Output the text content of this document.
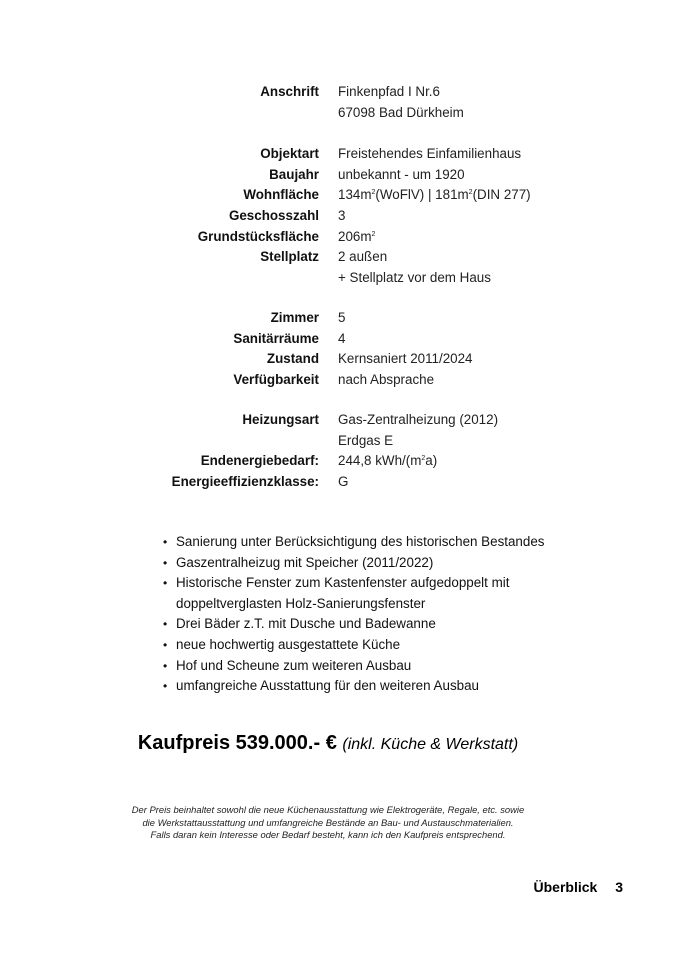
Anschrift Finkenpfad I Nr.6
67098 Bad Dürkheim
Objektart Freistehendes Einfamilienhaus
Baujahr unbekannt - um 1920
Wohnfläche $134m^2(WoFlV)$ | $181m^2(DIN$ 277)
Geschosszahl 3
Grundstücksfläche $206m^2$
Stellplatz 2 außen
+ Stellplatz vor dem Haus
Zimmer 5
Sanitärräume 4
Zustand Kernsaniert 2011/2024
Verfügbarkeit nach Absprache
Heizungsart Gas-Zentralheizung (2012)
Erdgas E
Endenergiebedarf: 244,8 kWh/$(m^2a)$
Energieeffizienzklasse: G
• Sanierung unter Berücksichtigung des historischen Bestandes
• Gaszentralheizug mit Speicher (2011/2022)
• Historische Fenster zum Kastenfenster aufgedoppelt mit
doppeltverglasten Holz-Sanierungsfenster
• Drei Bäder z.T. mit Dusche und Badewanne
• neue hochwertig ausgestattete Küche
• Hof und Scheune zum weiteren Ausbau
• umfangreiche Ausstattung für den weiteren Ausbau
Kaufpreis 539.000.- € (inkl. Küche & Werkstatt)
Der Preis beinhaltet sowohl die neue Küchenausstattung wie Elektrogeräte, Regale, etc. sowie
die Werkstattausstattung und umfangreiche Bestände an Bau- und Austauschmaterialien.
Falls daran kein Interesse oder Bedarf besteht, kann ich den Kaufpreis entsprechend.
Überblick 3
